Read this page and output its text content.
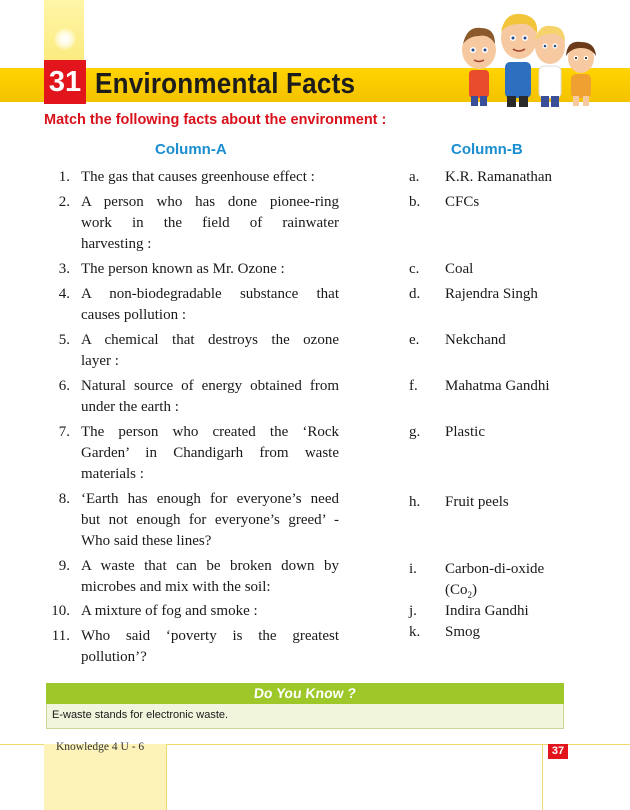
31 Environmental Facts
Match the following facts about the environment :
Column-A	Column-B
1. The gas that causes greenhouse effect :
2. A person who has done pionee-ring
work in the field of rainwater
harvesting :
3. The person known as Mr. Ozone :
4. A non-biodegradable substance that
causes pollution :
5. A chemical that destroys the ozone
layer :
6. Natural source of energy obtained from
under the earth :
7. The person who created the ‘Rock
Garden’ in Chandigarh from waste
materials :
8. ‘Earth has enough for everyone’s need
but not enough for everyone’s greed’ -
Who said these lines?
9. A waste that can be broken down by
microbes and mix with the soil:
10. A mixture of fog and smoke :
11. Who said ‘poverty is the greatest
pollution’?
a. K.R. Ramanathan
b. CFCs
c. Coal
d. Rajendra Singh
e. Nekchand
f. Mahatma Gandhi
g. Plastic
h. Fruit peels
i. Carbon-di-oxide
$(Co_2)$
j. Indira Gandhi
k. Smog
Do You Know ?
E-waste stands for electronic waste.
Knowledge 4 U - 6	37
